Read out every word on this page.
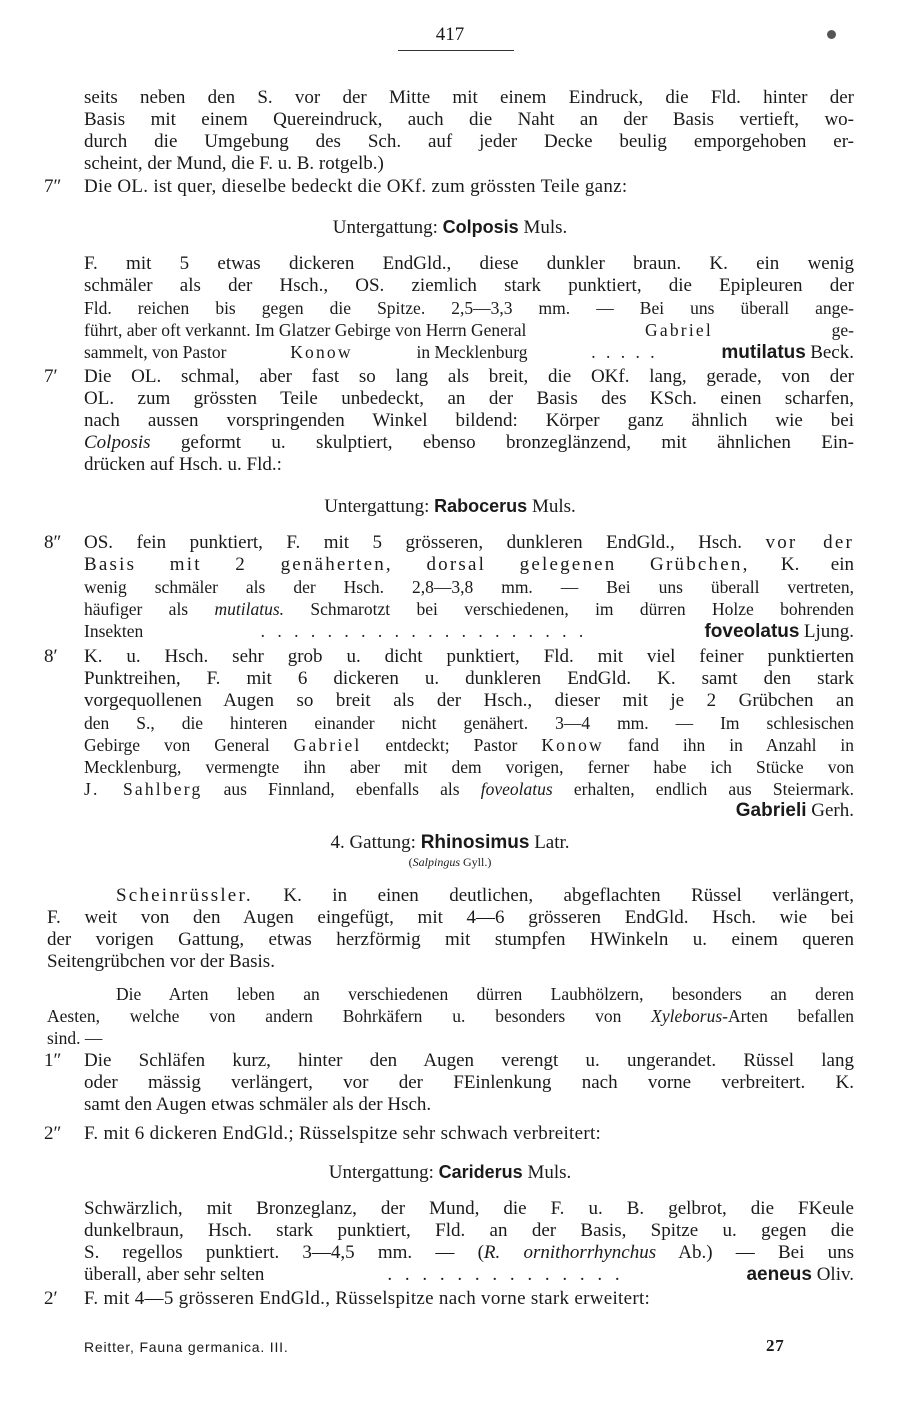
417
seits neben den S. vor der Mitte mit einem Eindruck, die Fld. hinter der
Basis mit einem Quereindruck, auch die Naht an der Basis vertieft, wo-
durch die Umgebung des Sch. auf jeder Decke beulig emporgehoben er-
scheint, der Mund, die F. u. B. rotgelb.)
7″ Die OL. ist quer, dieselbe bedeckt die OKf. zum grössten Teile ganz:
Untergattung: Colposis Muls.
F. mit 5 etwas dickeren EndGld., diese dunkler braun. K. ein wenig
schmäler als der Hsch., OS. ziemlich stark punktiert, die Epipleuren der
Fld. reichen bis gegen die Spitze. 2,5—3,3 mm. — Bei uns überall ange-
führt, aber oft verkannt. Im Glatzer Gebirge von Herrn General	Gabriel	ge-
sammelt, von Pastor	Konow	in Mecklenburg	. . . . .	mutilatus Beck.
7′ Die OL. schmal, aber fast so lang als breit, die OKf. lang, gerade, von der
OL. zum grössten Teile unbedeckt, an der Basis des KSch. einen scharfen,
nach aussen vorspringenden Winkel bildend: Körper ganz ähnlich wie bei
Colposis geformt u. skulptiert, ebenso bronzeglänzend, mit ähnlichen Ein-
drücken auf Hsch. u. Fld.:
Untergattung: Rabocerus Muls.
8″ OS. fein punktiert, F. mit 5 grösseren, dunkleren EndGld., Hsch. vor der
Basis mit 2 genäherten, dorsal gelegenen Grübchen, K. ein
wenig schmäler als der Hsch. 2,8—3,8 mm. — Bei uns überall vertreten,
häufiger als mutilatus. Schmarotzt bei verschiedenen, im dürren Holze bohrenden
Insekten	. . . . . . . . . . . . . . . . . . . .	foveolatus Ljung.
8′ K. u. Hsch. sehr grob u. dicht punktiert, Fld. mit viel feiner punktierten
Punktreihen, F. mit 6 dickeren u. dunkleren EndGld. K. samt den stark
vorgequollenen Augen so breit als der Hsch., dieser mit je 2 Grübchen an
den S., die hinteren einander nicht genähert. 3—4 mm. — Im schlesischen
Gebirge von General Gabriel entdeckt; Pastor Konow fand ihn in Anzahl in
Mecklenburg, vermengte ihn aber mit dem vorigen, ferner habe ich Stücke von
J. Sahlberg aus Finnland, ebenfalls als foveolatus erhalten, endlich aus Steiermark.
Gabrieli Gerh.
4. Gattung: Rhinosimus Latr.
(Salpingus Gyll.)
Scheinrüssler. K. in einen deutlichen, abgeflachten Rüssel verlängert,
F. weit von den Augen eingefügt, mit 4—6 grösseren EndGld. Hsch. wie bei
der vorigen Gattung, etwas herzförmig mit stumpfen HWinkeln u. einem queren
Seitengrübchen vor der Basis.
Die Arten leben an verschiedenen dürren Laubhölzern, besonders an deren
Aesten, welche von andern Bohrkäfern u. besonders von Xyleborus-Arten befallen
sind. —
1″ Die Schläfen kurz, hinter den Augen verengt u. ungerandet. Rüssel lang
oder mässig verlängert, vor der FEinlenkung nach vorne verbreitert. K.
samt den Augen etwas schmäler als der Hsch.
2″ F. mit 6 dickeren EndGld.; Rüsselspitze sehr schwach verbreitert:
Untergattung: Cariderus Muls.
Schwärzlich, mit Bronzeglanz, der Mund, die F. u. B. gelbrot, die FKeule
dunkelbraun, Hsch. stark punktiert, Fld. an der Basis, Spitze u. gegen die
S. regellos punktiert. 3—4,5 mm. — (R. ornithorrhynchus Ab.) — Bei uns
überall, aber sehr selten	. . . . . . . . . . . . . .	aeneus Oliv.
2′ F. mit 4—5 grösseren EndGld., Rüsselspitze nach vorne stark erweitert:
Reitter, Fauna germanica. III.	27
